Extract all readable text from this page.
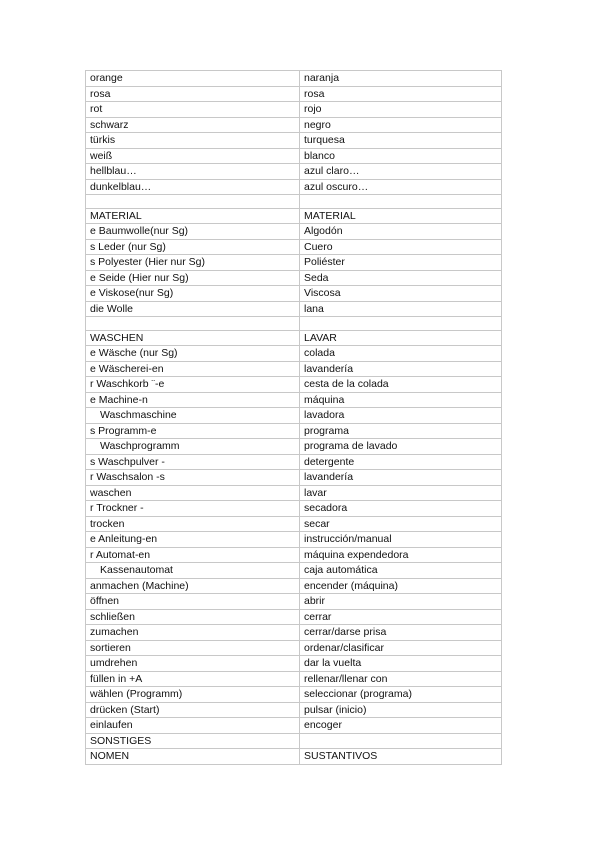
orange	naranja
rosa	rosa
rot	rojo
schwarz	negro
türkis	turquesa
weiß	blanco
hellblau…	azul claro…
dunkelblau…	azul oscuro…

MATERIAL	MATERIAL
e Baumwolle(nur Sg)	Algodón
s Leder (nur Sg)	Cuero
s Polyester (Hier nur Sg)	Poliéster
e Seide (Hier nur Sg)	Seda
e Viskose(nur Sg)	Viscosa
die Wolle	lana

WASCHEN	LAVAR
e Wäsche (nur Sg)	colada
e Wäscherei-en	lavandería
r Waschkorb ¨-e	cesta de la colada
e Machine-n	máquina
Waschmaschine	lavadora
s Programm-e	programa
Waschprogramm	programa de lavado
s Waschpulver -	detergente
r Waschsalon -s	lavandería
waschen	lavar
r Trockner -	secadora
trocken	secar
e Anleitung-en	instrucción/manual
r Automat-en	máquina expendedora
Kassenautomat	caja automática
anmachen (Machine)	encender (máquina)
öffnen	abrir
schließen	cerrar
zumachen	cerrar/darse prisa
sortieren	ordenar/clasificar
umdrehen	dar la vuelta
füllen in +A	rellenar/llenar con
wählen (Programm)	seleccionar (programa)
drücken (Start)	pulsar (inicio)
einlaufen	encoger
SONSTIGES	
NOMEN	SUSTANTIVOS
